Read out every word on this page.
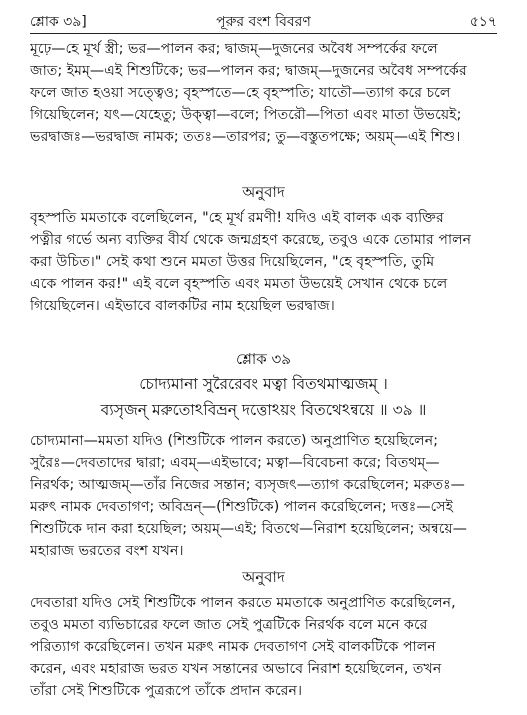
শ্লোক ৩৯]	পূরুর বংশ বিবরণ	৫১৭
মূঢ়ে—হে মূর্খ স্ত্রী; ভর—পালন কর; দ্বাজম্—দুজনের অবৈধ সম্পর্কের ফলে
জাত; ইমম্—এই শিশুটিকে; ভর—পালন কর; দ্বাজম্—দুজনের অবৈধ সম্পর্কের
ফলে জাত হওয়া সত্ত্বেও; বৃহস্পতে—হে বৃহস্পতি; যাতৌ—ত্যাগ করে চলে
গিয়েছিলেন; যৎ—যেহেতু; উক্ত্বা—বলে; পিতরৌ—পিতা এবং মাতা উভয়েই;
ভরদ্বাজঃ—ভরদ্বাজ নামক; ততঃ—তারপর; তু—বস্তুতপক্ষে; অয়ম্—এই শিশু।
অনুবাদ
বৃহস্পতি মমতাকে বলেছিলেন, "হে মূর্খ রমণী! যদিও এই বালক এক ব্যক্তির
পত্নীর গর্ভে অন্য ব্যক্তির বীর্য থেকে জন্মগ্রহণ করেছে, তবুও একে তোমার পালন
করা উচিত।" সেই কথা শুনে মমতা উত্তর দিয়েছিলেন, "হে বৃহস্পতি, তুমি
একে পালন কর!" এই বলে বৃহস্পতি এবং মমতা উভয়েই সেখান থেকে চলে
গিয়েছিলেন। এইভাবে বালকটির নাম হয়েছিল ভরদ্বাজ।
শ্লোক ৩৯
চোদ্যমানা সুরৈরেবং মত্বা বিতথমাত্মজম্ ।
ব্যসৃজন্ মরুতোঽবিভ্রন্ দত্তোঽয়ং বিতথেঽন্বয়ে ॥ ৩৯ ॥
চোদ্যমানা—মমতা যদিও (শিশুটিকে পালন করতে) অনুপ্রাণিত হয়েছিলেন;
সুরৈঃ—দেবতাদের দ্বারা; এবম্—এইভাবে; মত্বা—বিবেচনা করে; বিতথম্—
নিরর্থক; আত্মজম্—তাঁর নিজের সন্তান; ব্যসৃজৎ—ত্যাগ করেছিলেন; মরুতঃ—
মরুৎ নামক দেবতাগণ; অবিভ্রন্—(শিশুটিকে) পালন করেছিলেন; দত্তঃ—সেই
শিশুটিকে দান করা হয়েছিল; অয়ম্—এই; বিতথে—নিরাশ হয়েছিলেন; অন্বয়ে—
মহারাজ ভরতের বংশ যখন।
অনুবাদ
দেবতারা যদিও সেই শিশুটিকে পালন করতে মমতাকে অনুপ্রাণিত করেছিলেন,
তবুও মমতা ব্যভিচারের ফলে জাত সেই পুত্রটিকে নিরর্থক বলে মনে করে
পরিত্যাগ করেছিলেন। তখন মরুৎ নামক দেবতাগণ সেই বালকটিকে পালন
করেন, এবং মহারাজ ভরত যখন সন্তানের অভাবে নিরাশ হয়েছিলেন, তখন
তাঁরা সেই শিশুটিকে পুত্ররূপে তাঁকে প্রদান করেন।
